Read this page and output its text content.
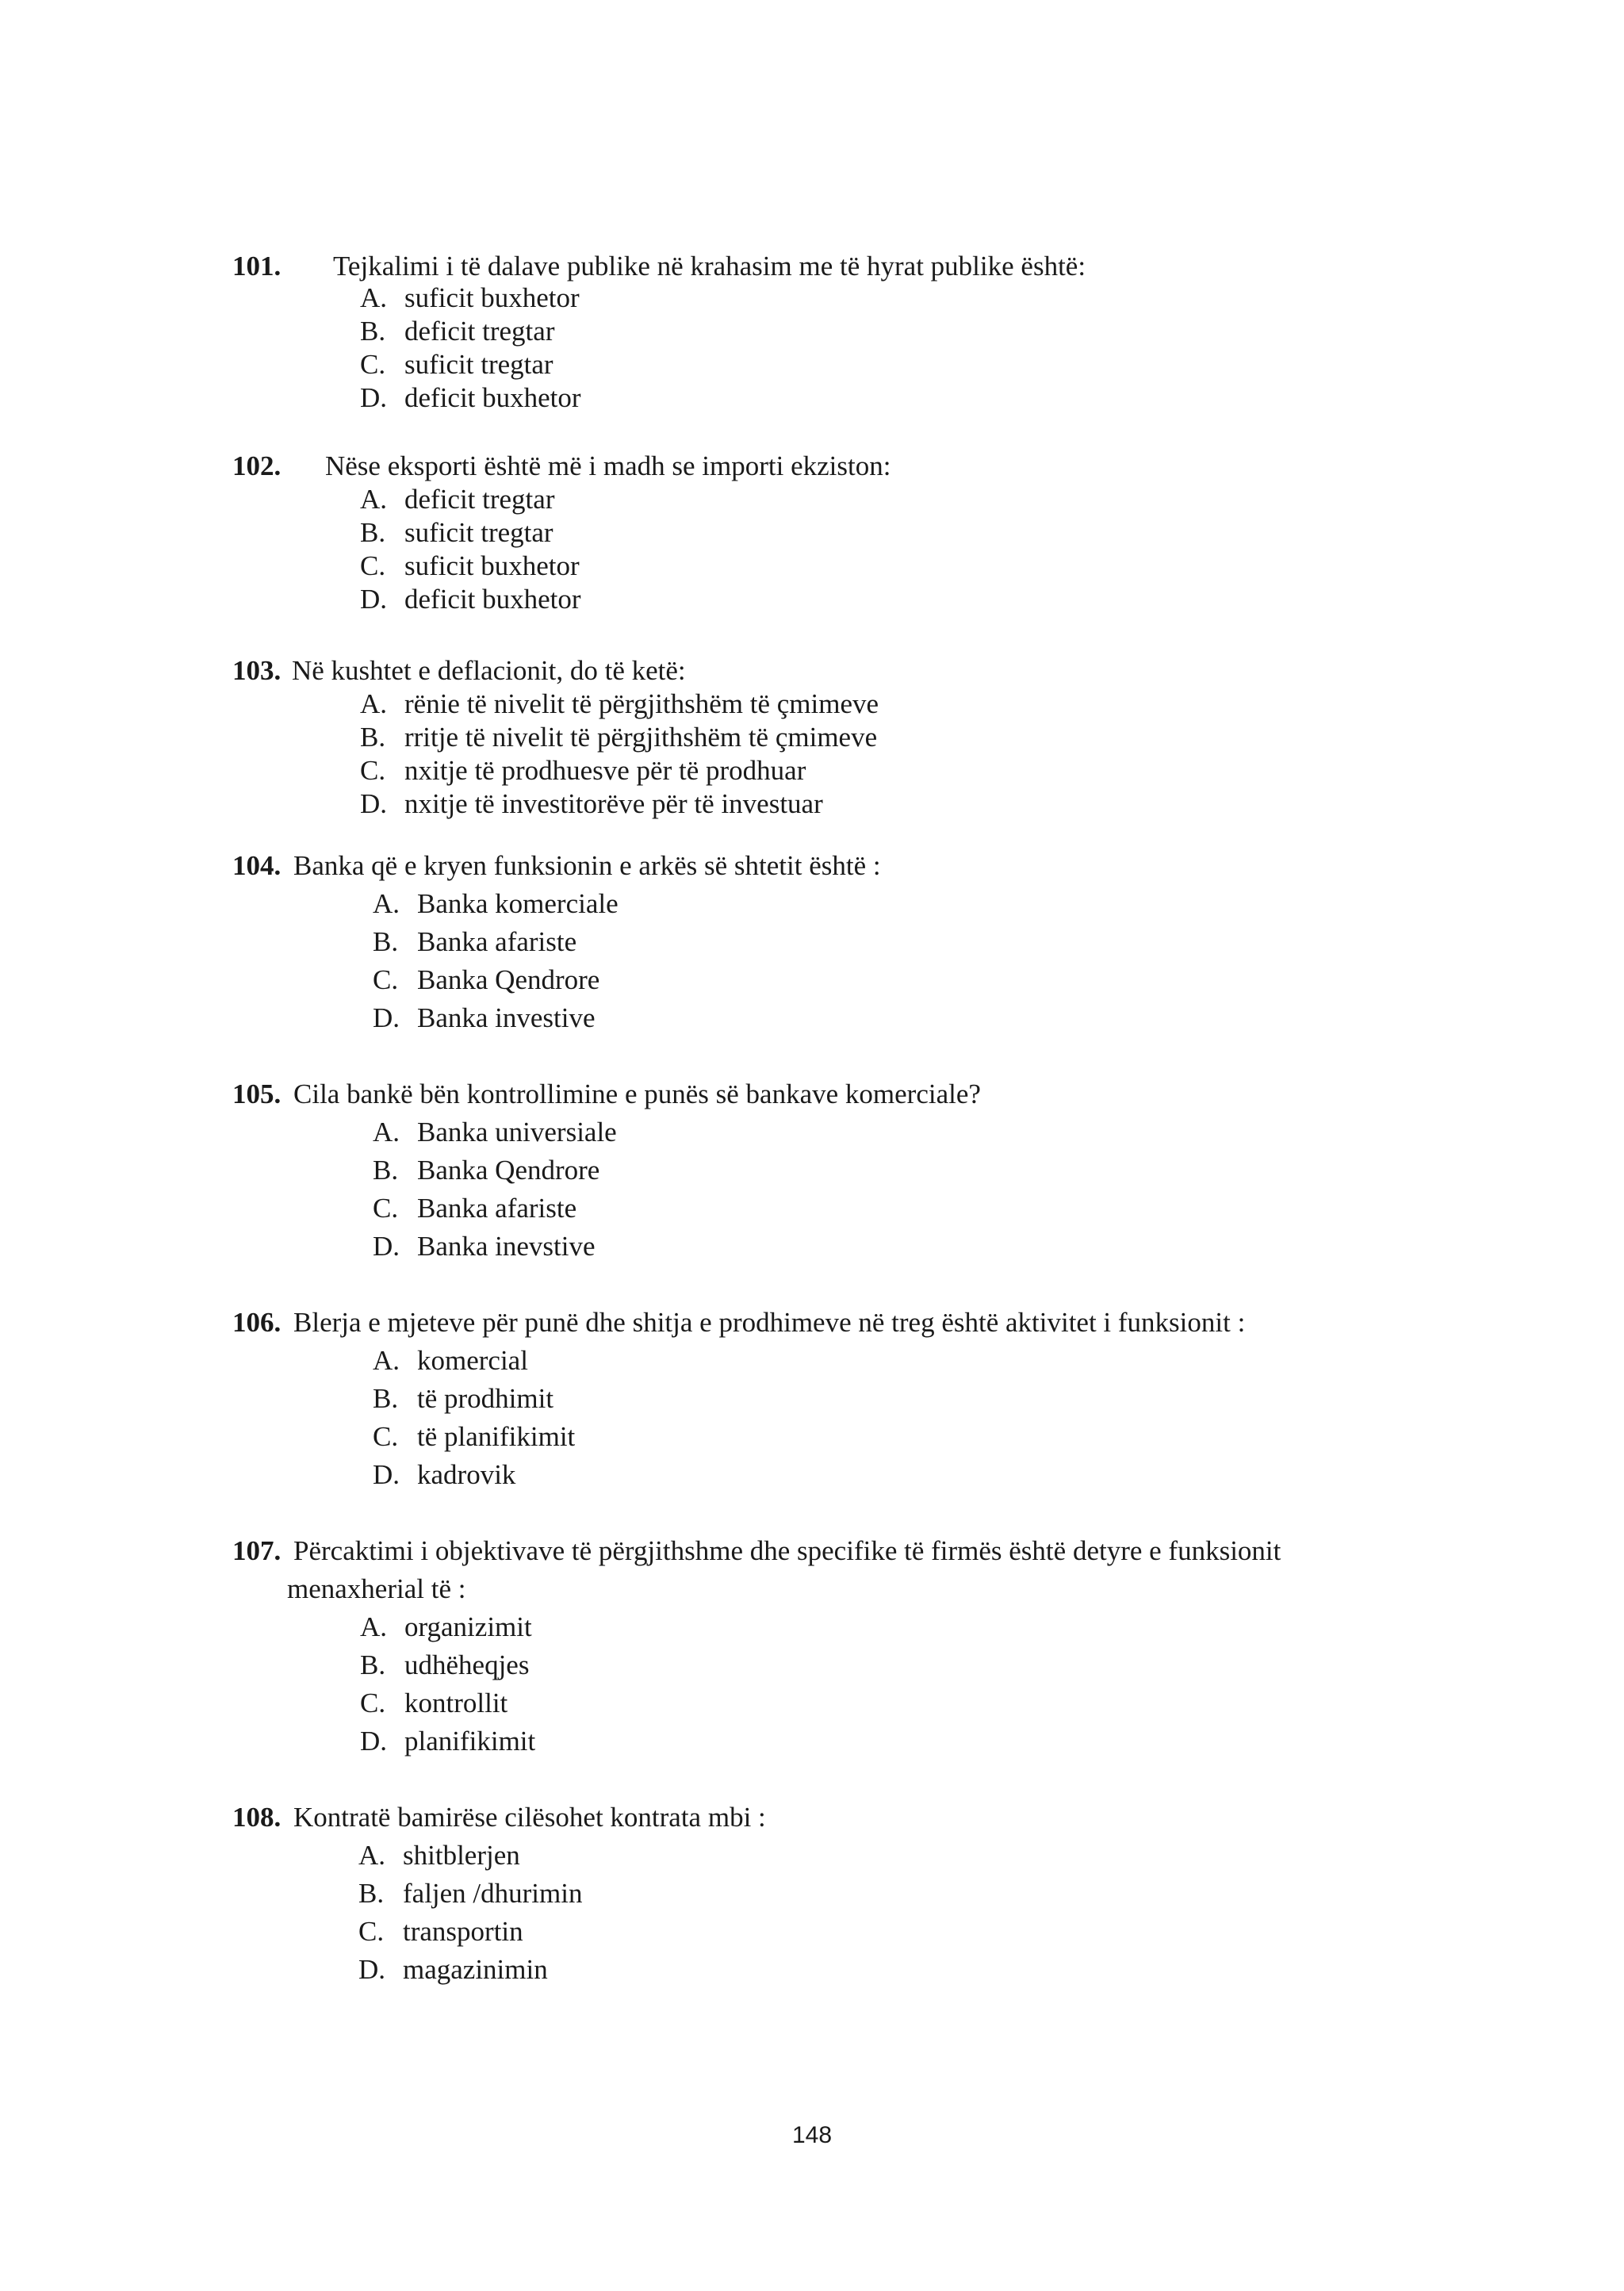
101. Tejkalimi i të dalave publike në krahasim me të hyrat publike është:
A. suficit buxhetor
B. deficit tregtar
C. suficit tregtar
D. deficit buxhetor
102. Nëse eksporti është më i madh se importi ekziston:
A. deficit tregtar
B. suficit tregtar
C. suficit buxhetor
D. deficit buxhetor
103. Në kushtet e deflacionit, do të ketë:
A. rënie të nivelit të përgjithshëm të çmimeve
B. rritje të nivelit të përgjithshëm të çmimeve
C. nxitje të prodhuesve për të prodhuar
D. nxitje të investitorëve për të investuar
104. Banka që e kryen funksionin e arkës së shtetit është :
A. Banka komerciale
B. Banka afariste
C. Banka Qendrore
D. Banka investive
105. Cila bankë bën kontrollimine e punës së bankave komerciale?
A. Banka universiale
B. Banka Qendrore
C. Banka afariste
D. Banka inevstive
106. Blerja e mjeteve për punë dhe shitja e prodhimeve në treg është aktivitet i funksionit :
A. komercial
B. të prodhimit
C. të planifikimit
D. kadrovik
107. Përcaktimi i objektivave të përgjithshme dhe specifike të firmës është detyre e funksionit
menaxherial të :
A. organizimit
B. udhëheqjes
C. kontrollit
D. planifikimit
108. Kontratë bamirëse cilësohet kontrata mbi :
A. shitblerjen
B. faljen /dhurimin
C. transportin
D. magazinimin
148
